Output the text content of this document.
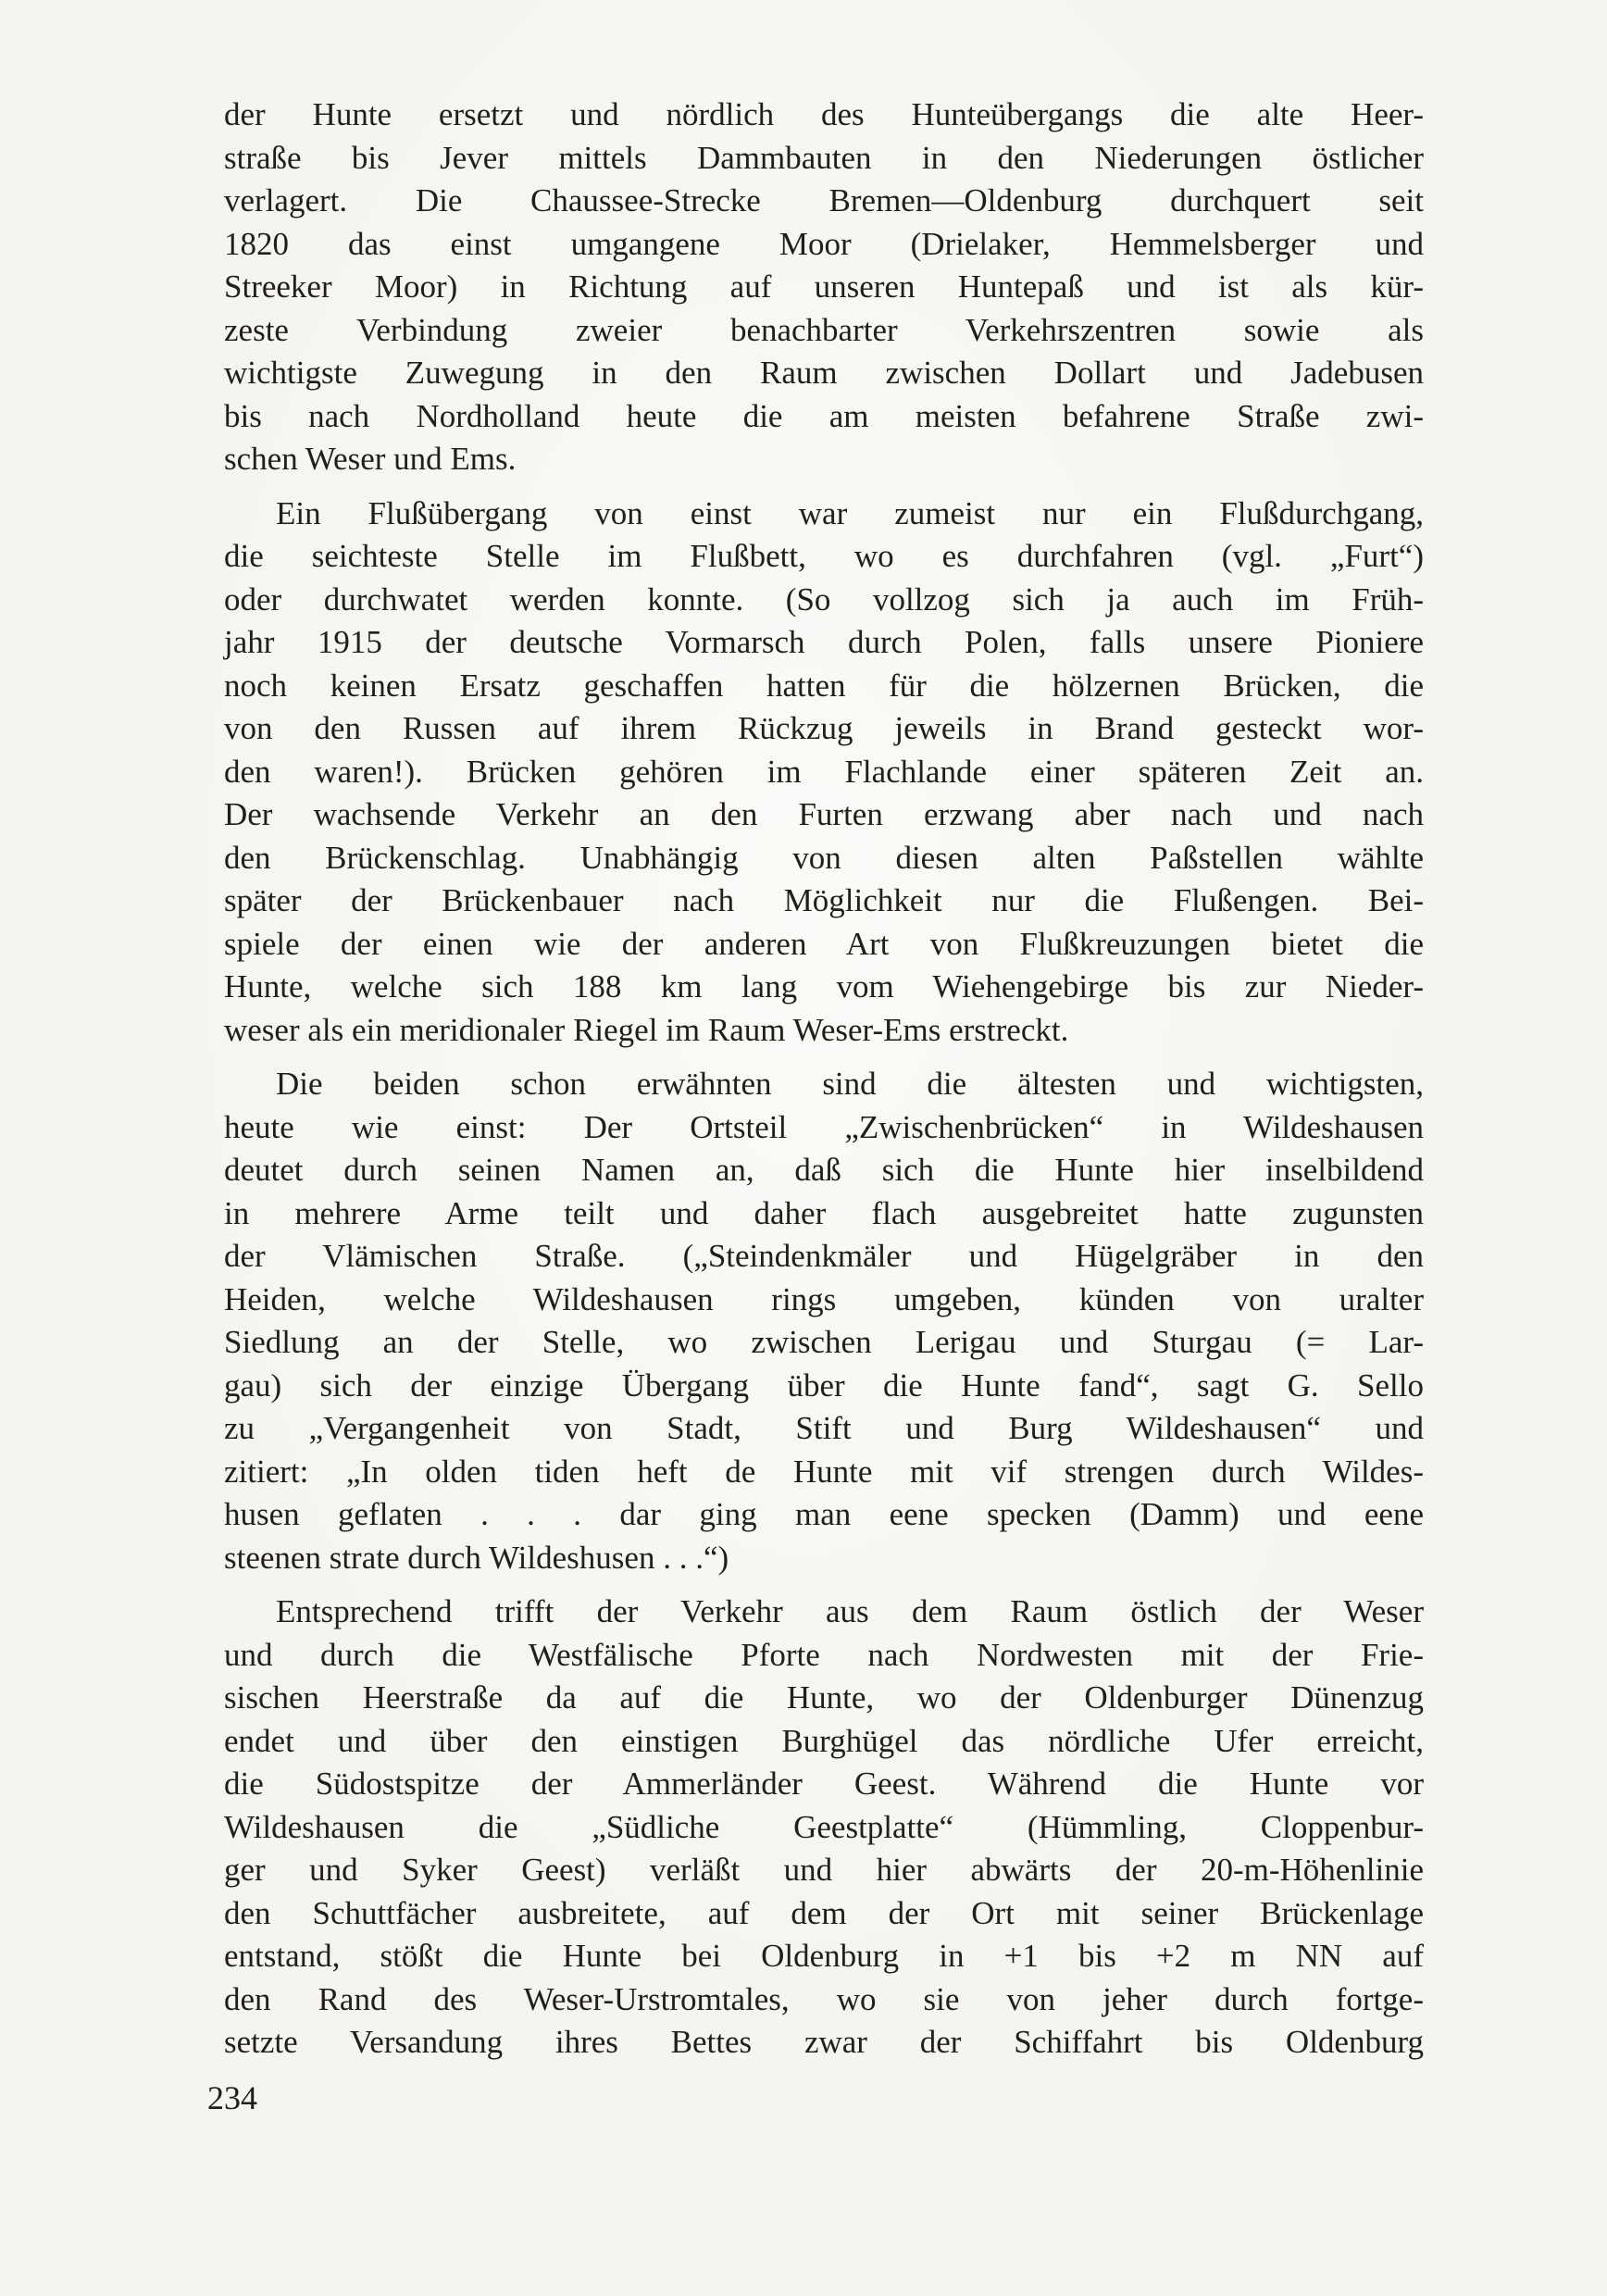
der Hunte ersetzt und nördlich des Hunteübergangs die alte Heer-
straße bis Jever mittels Dammbauten in den Niederungen östlicher
verlagert. Die Chaussee-Strecke Bremen—Oldenburg durchquert seit
1820 das einst umgangene Moor (Drielaker, Hemmelsberger und
Streeker Moor) in Richtung auf unseren Huntepaß und ist als kür-
zeste Verbindung zweier benachbarter Verkehrszentren sowie als
wichtigste Zuwegung in den Raum zwischen Dollart und Jadebusen
bis nach Nordholland heute die am meisten befahrene Straße zwi-
schen Weser und Ems.

Ein Flußübergang von einst war zumeist nur ein Flußdurchgang,
die seichteste Stelle im Flußbett, wo es durchfahren (vgl. „Furt“)
oder durchwatet werden konnte. (So vollzog sich ja auch im Früh-
jahr 1915 der deutsche Vormarsch durch Polen, falls unsere Pioniere
noch keinen Ersatz geschaffen hatten für die hölzernen Brücken, die
von den Russen auf ihrem Rückzug jeweils in Brand gesteckt wor-
den waren!). Brücken gehören im Flachlande einer späteren Zeit an.
Der wachsende Verkehr an den Furten erzwang aber nach und nach
den Brückenschlag. Unabhängig von diesen alten Paßstellen wählte
später der Brückenbauer nach Möglichkeit nur die Flußengen. Bei-
spiele der einen wie der anderen Art von Flußkreuzungen bietet die
Hunte, welche sich 188 km lang vom Wiehengebirge bis zur Nieder-
weser als ein meridionaler Riegel im Raum Weser-Ems erstreckt.

Die beiden schon erwähnten sind die ältesten und wichtigsten,
heute wie einst: Der Ortsteil „Zwischenbrücken“ in Wildeshausen
deutet durch seinen Namen an, daß sich die Hunte hier inselbildend
in mehrere Arme teilt und daher flach ausgebreitet hatte zugunsten
der Vlämischen Straße. („Steindenkmäler und Hügelgräber in den
Heiden, welche Wildeshausen rings umgeben, künden von uralter
Siedlung an der Stelle, wo zwischen Lerigau und Sturgau (= Lar-
gau) sich der einzige Übergang über die Hunte fand“, sagt G. Sello
zu „Vergangenheit von Stadt, Stift und Burg Wildeshausen“ und
zitiert: „In olden tiden heft de Hunte mit vif strengen durch Wildes-
husen geflaten . . . dar ging man eene specken (Damm) und eene
steenen strate durch Wildeshusen . . .“)

Entsprechend trifft der Verkehr aus dem Raum östlich der Weser
und durch die Westfälische Pforte nach Nordwesten mit der Frie-
sischen Heerstraße da auf die Hunte, wo der Oldenburger Dünenzug
endet und über den einstigen Burghügel das nördliche Ufer erreicht,
die Südostspitze der Ammerländer Geest. Während die Hunte vor
Wildeshausen die „Südliche Geestplatte“ (Hümmling, Cloppenbur-
ger und Syker Geest) verläßt und hier abwärts der 20-m-Höhenlinie
den Schuttfächer ausbreitete, auf dem der Ort mit seiner Brückenlage
entstand, stößt die Hunte bei Oldenburg in +1 bis +2 m NN auf
den Rand des Weser-Urstromtales, wo sie von jeher durch fortge-
setzte Versandung ihres Bettes zwar der Schiffahrt bis Oldenburg

234
